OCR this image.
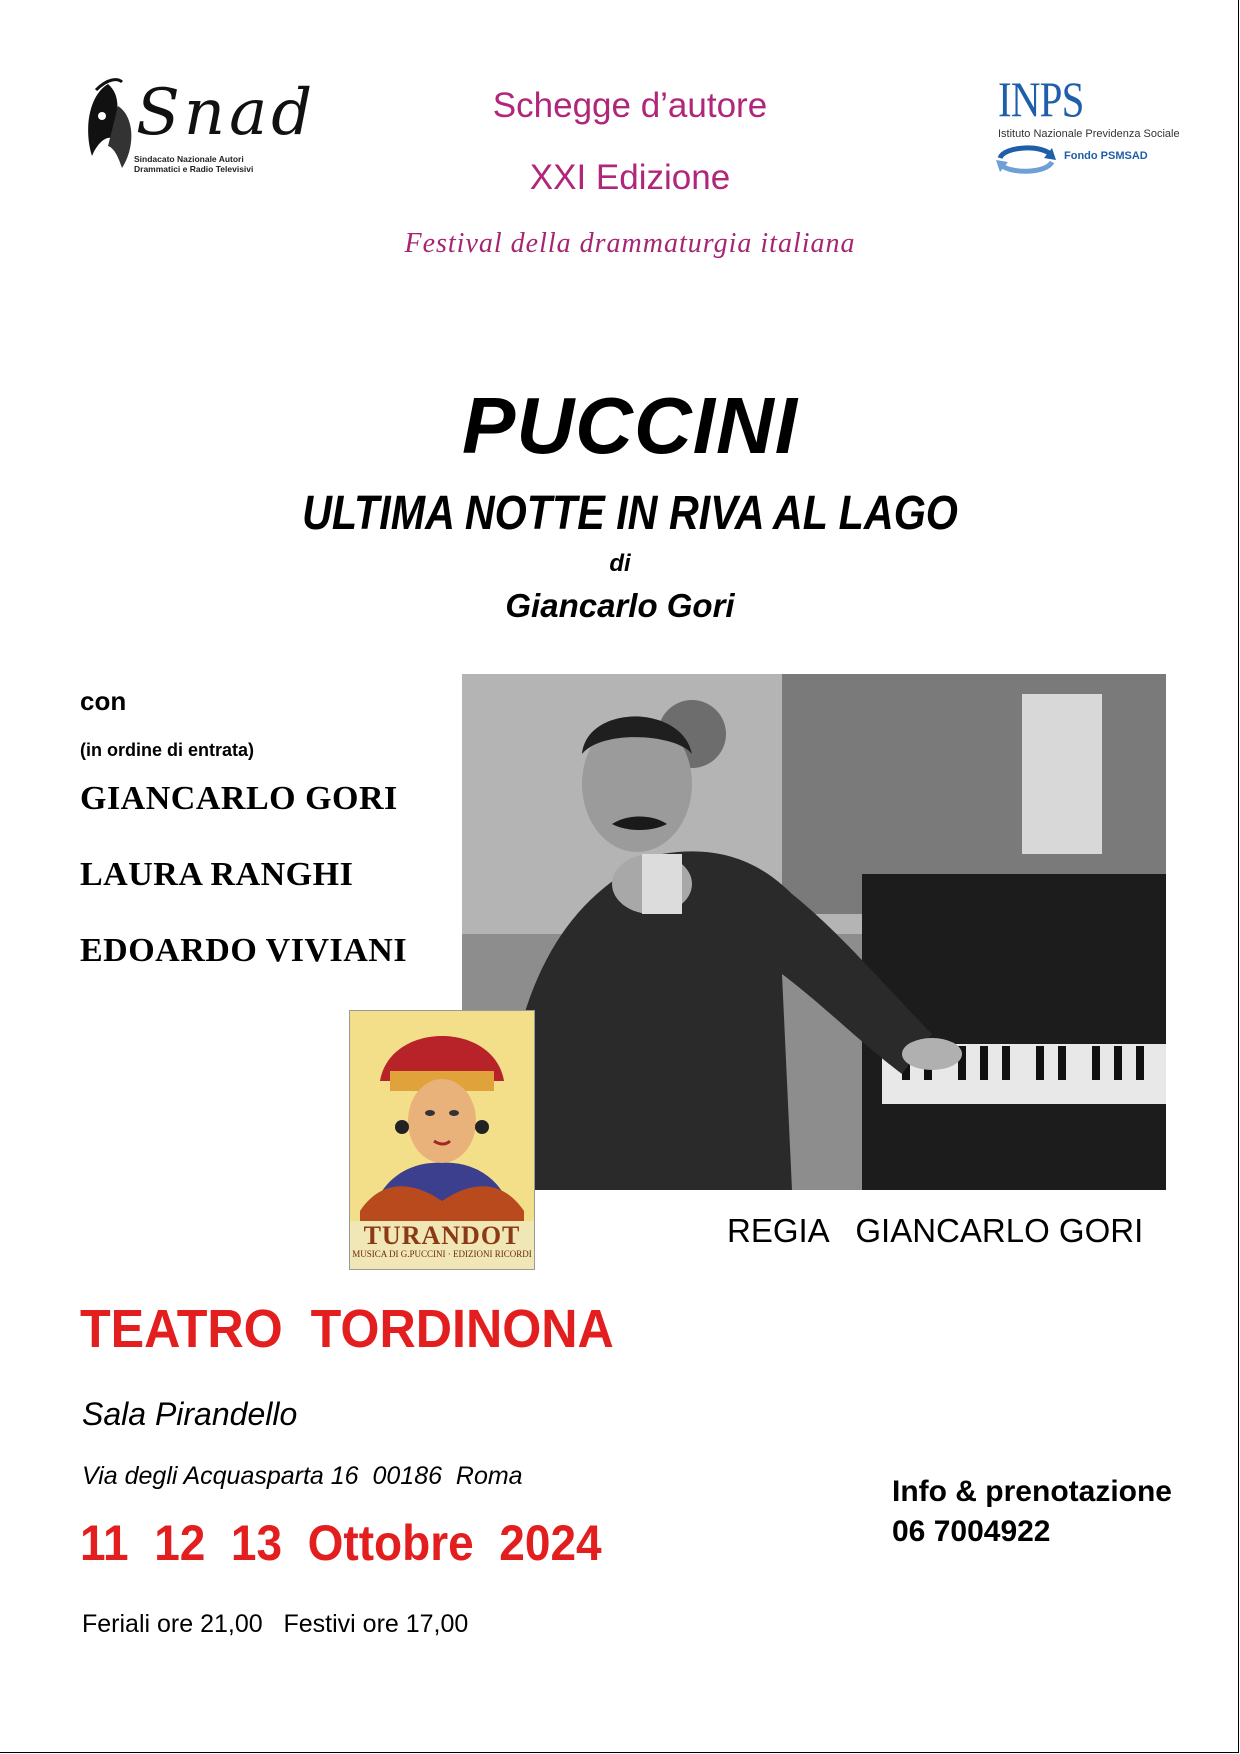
Snad
Sindacato Nazionale Autori
Drammatici e Radio Televisivi
Schegge d’autore
XXI Edizione
Festival della drammaturgia italiana
INPS
Istituto Nazionale Previdenza Sociale
Fondo PSMSAD
PUCCINI
ULTIMA NOTTE IN RIVA AL LAGO
di
Giancarlo Gori
con
(in ordine di entrata)
GIANCARLO GORI
LAURA RANGHI
EDOARDO VIVIANI
TURANDOT
MUSICA DI G.PUCCINI · EDIZIONI RICORDI
REGIA   GIANCARLO GORI
TEATRO  TORDINONA
Sala Pirandello
Via degli Acquasparta 16  00186  Roma
11  12  13  Ottobre  2024
Feriali ore 21,00   Festivi ore 17,00
Info & prenotazione
06 7004922
